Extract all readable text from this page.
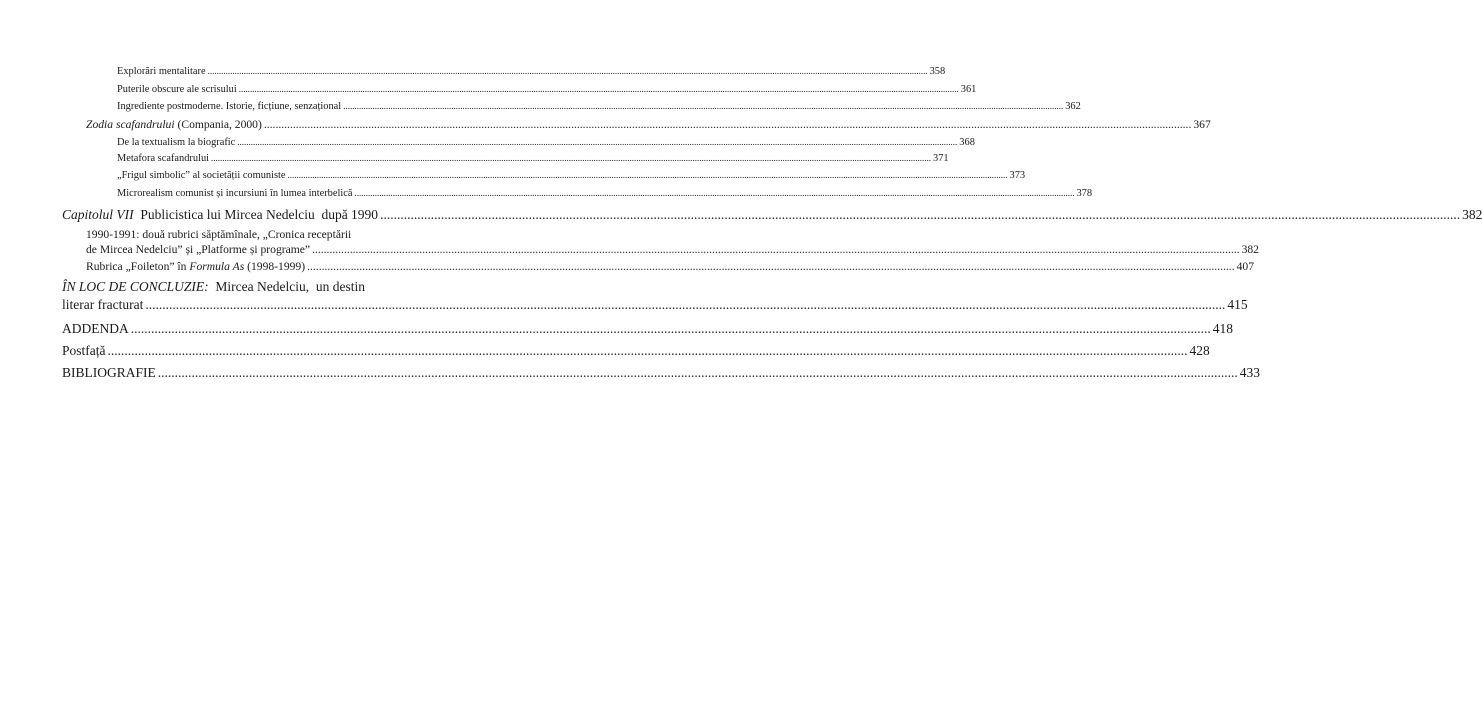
Explorări mentalitare .....	358
Puterile obscure ale scrisului .....	361
Ingrediente postmoderne. Istorie, ficțiune, senzațional .....	362
Zodia scafandrului (Compania, 2000) .....	367
De la textualism la biografic .....	368
Metafora scafandrului .....	371
„Frigul simbolic” al societății comuniste .....	373
Microrealism comunist și incursiuni în lumea interbelică .....	378
Capitolul VII  Publicistica lui Mircea Nedelciu  după 1990 .....	382
1990-1991: două rubrici săptămînale, „Cronica receptării
de Mircea Nedelciu” și „Platforme și programe” .....	382
Rubrica „Foileton” în Formula As (1998-1999) .....	407
ÎN LOC DE CONCLUZIE:  Mircea Nedelciu,  un destin
literar fracturat .....	415
ADDENDA .....	418
Postfață .....	428
BIBLIOGRAFIE .....	433
